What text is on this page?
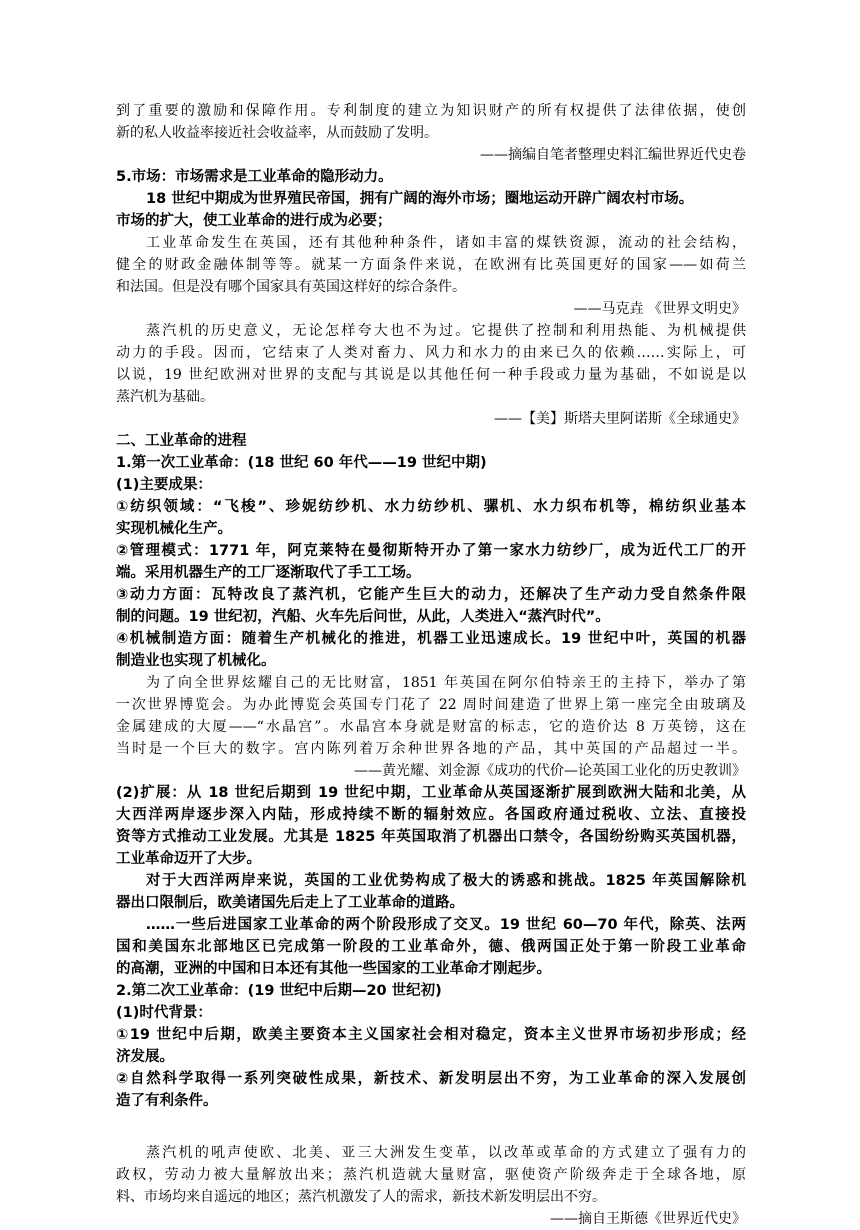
到了重要的激励和保障作用。专利制度的建立为知识财产的所有权提供了法律依据，使创
新的私人收益率接近社会收益率，从而鼓励了发明。
——摘编自笔者整理史料汇编世界近代史卷
5.市场：市场需求是工业革命的隐形动力。
18 世纪中期成为世界殖民帝国，拥有广阔的海外市场；圈地运动开辟广阔农村市场。
市场的扩大，使工业革命的进行成为必要；
工业革命发生在英国，还有其他种种条件，诸如丰富的煤铁资源，流动的社会结构，
健全的财政金融体制等等。就某一方面条件来说，在欧洲有比英国更好的国家——如荷兰
和法国。但是没有哪个国家具有英国这样好的综合条件。
——马克垚 《世界文明史》
蒸汽机的历史意义，无论怎样夸大也不为过。它提供了控制和利用热能、为机械提供
动力的手段。因而，它结束了人类对畜力、风力和水力的由来已久的依赖……实际上，可
以说，19 世纪欧洲对世界的支配与其说是以其他任何一种手段或力量为基础，不如说是以
蒸汽机为基础。
——【美】斯塔夫里阿诺斯《全球通史》
二、工业革命的进程
1.第一次工业革命：(18 世纪 60 年代——19 世纪中期)
(1)主要成果：
①纺织领域：“飞梭”、珍妮纺纱机、水力纺纱机、骡机、水力织布机等，棉纺织业基本
实现机械化生产。
②管理模式：1771 年，阿克莱特在曼彻斯特开办了第一家水力纺纱厂，成为近代工厂的开
端。采用机器生产的工厂逐渐取代了手工工场。
③动力方面：瓦特改良了蒸汽机，它能产生巨大的动力，还解决了生产动力受自然条件限
制的问题。19 世纪初，汽船、火车先后问世，从此，人类进入“蒸汽时代”。
④机械制造方面：随着生产机械化的推进，机器工业迅速成长。19 世纪中叶，英国的机器
制造业也实现了机械化。
为了向全世界炫耀自己的无比财富，1851 年英国在阿尔伯特亲王的主持下，举办了第
一次世界博览会。为办此博览会英国专门花了 22 周时间建造了世界上第一座完全由玻璃及
金属建成的大厦——“水晶宫”。水晶宫本身就是财富的标志，它的造价达 8 万英镑，这在
当时是一个巨大的数字。宫内陈列着万余种世界各地的产品，其中英国的产品超过一半。
——黄光耀、刘金源《成功的代价—论英国工业化的历史教训》
(2)扩展：从 18 世纪后期到 19 世纪中期，工业革命从英国逐渐扩展到欧洲大陆和北美，从
大西洋两岸逐步深入内陆，形成持续不断的辐射效应。各国政府通过税收、立法、直接投
资等方式推动工业发展。尤其是 1825 年英国取消了机器出口禁令，各国纷纷购买英国机器，
工业革命迈开了大步。
对于大西洋两岸来说，英国的工业优势构成了极大的诱惑和挑战。1825 年英国解除机
器出口限制后，欧美诸国先后走上了工业革命的道路。
……一些后进国家工业革命的两个阶段形成了交叉。19 世纪 60—70 年代，除英、法两
国和美国东北部地区已完成第一阶段的工业革命外，德、俄两国正处于第一阶段工业革命
的高潮，亚洲的中国和日本还有其他一些国家的工业革命才刚起步。
2.第二次工业革命：(19 世纪中后期—20 世纪初)
(1)时代背景：
①19 世纪中后期，欧美主要资本主义国家社会相对稳定，资本主义世界市场初步形成；经
济发展。
②自然科学取得一系列突破性成果，新技术、新发明层出不穷，为工业革命的深入发展创
造了有利条件。
蒸汽机的吼声使欧、北美、亚三大洲发生变革，以改革或革命的方式建立了强有力的
政权，劳动力被大量解放出来；蒸汽机造就大量财富，驱使资产阶级奔走于全球各地，原
料、市场均来自遥远的地区；蒸汽机激发了人的需求，新技术新发明层出不穷。
——摘自王斯德《世界近代史》
